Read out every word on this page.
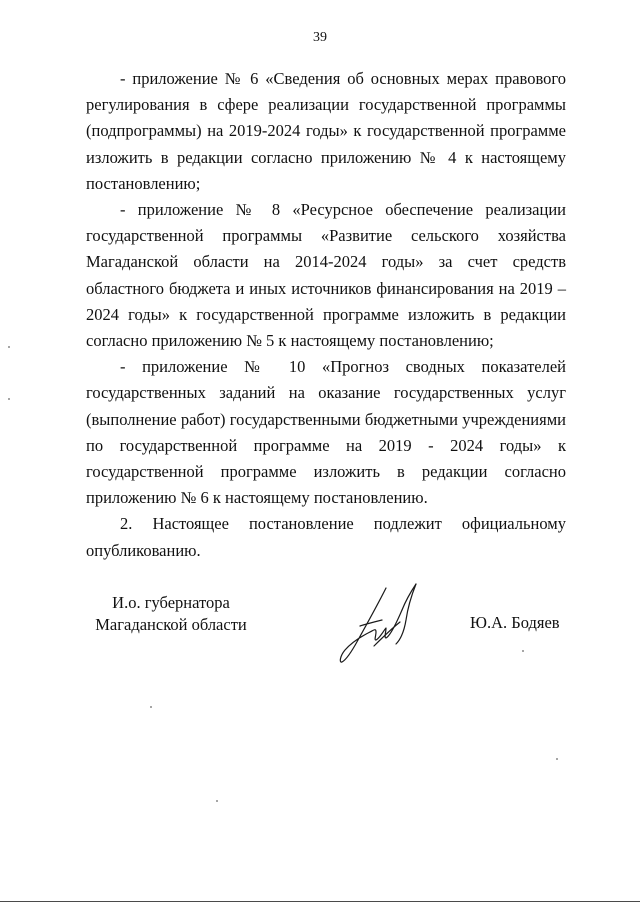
39

- приложение № 6 «Сведения об основных мерах правового регулирования в сфере реализации государственной программы (подпрограммы) на 2019-2024 годы» к государственной программе изложить в редакции согласно приложению № 4 к настоящему постановлению;

- приложение № 8 «Ресурсное обеспечение реализации государственной программы «Развитие сельского хозяйства Магаданской области на 2014-2024 годы» за счет средств областного бюджета и иных источников финансирования на 2019 – 2024 годы» к государственной программе изложить в редакции согласно приложению № 5 к настоящему постановлению;

- приложение № 10 «Прогноз сводных показателей государственных заданий на оказание государственных услуг (выполнение работ) государственными бюджетными учреждениями по государственной программе на 2019 - 2024 годы» к государственной программе изложить в редакции согласно приложению № 6 к настоящему постановлению.

2. Настоящее постановление подлежит официальному опубликованию.

И.о. губернатора
Магаданской области	Ю.А. Бодяев
